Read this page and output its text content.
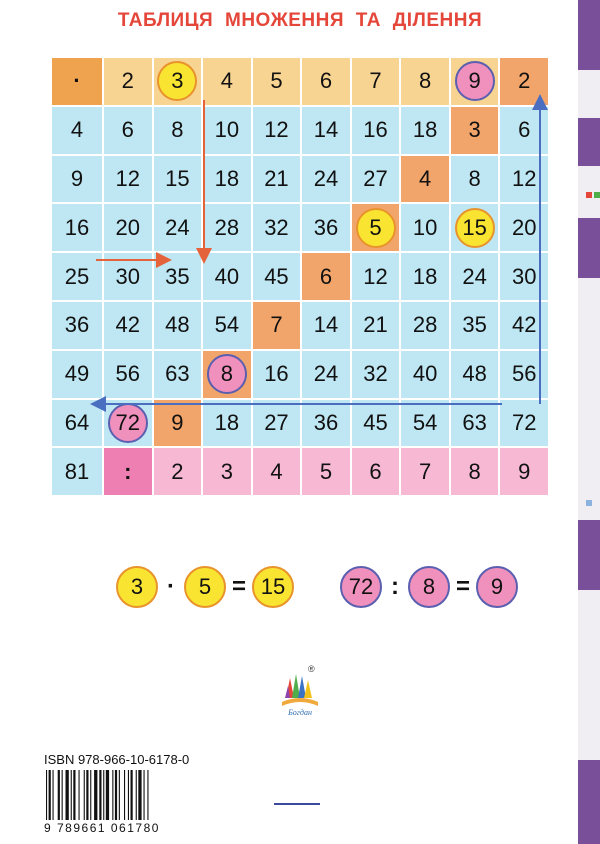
ТАБЛИЦЯ МНОЖЕННЯ ТА ДІЛЕННЯ
·	2	3	4	5	6	7	8	9	2
4	6	8	10	12	14	16	18	3	6
9	12	15	18	21	24	27	4	8	12
16	20	24	28	32	36	5	10	15	20
25	30	35	40	45	6	12	18	24	30
36	42	48	54	7	14	21	28	35	42
49	56	63	8	16	24	32	40	48	56
64	72	9	18	27	36	45	54	63	72
81	:	2	3	4	5	6	7	8	9
3 ·	5 = 15	72 :	8 = 9
Богдан
®
ISBN 978-966-10-6178-0
9 789661 061780
